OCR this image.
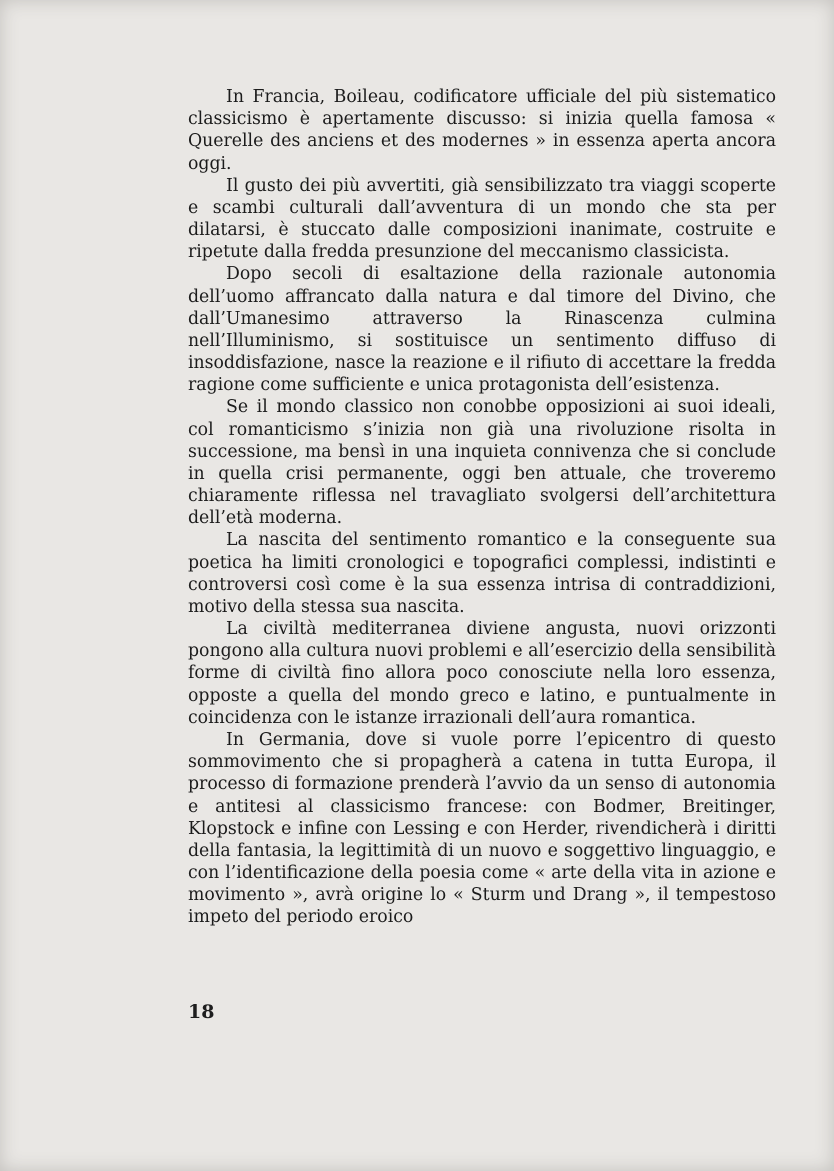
In Francia, Boileau, codificatore ufficiale del più sistematico classicismo è apertamente discusso: si inizia quella famosa « Querelle des anciens et des modernes » in essenza aperta ancora oggi.

Il gusto dei più avvertiti, già sensibilizzato tra viaggi scoperte e scambi culturali dall’avventura di un mondo che sta per dilatarsi, è stuccato dalle composizioni inanimate, costruite e ripetute dalla fredda presunzione del meccanismo classicista.

Dopo secoli di esaltazione della razionale autonomia dell’uomo affrancato dalla natura e dal timore del Divino, che dall’Umanesimo attraverso la Rinascenza culmina nell’Illuminismo, si sostituisce un sentimento diffuso di insoddisfazione, nasce la reazione e il rifiuto di accettare la fredda ragione come sufficiente e unica protagonista dell’esistenza.

Se il mondo classico non conobbe opposizioni ai suoi ideali, col romanticismo s’inizia non già una rivoluzione risolta in successione, ma bensì in una inquieta connivenza che si conclude in quella crisi permanente, oggi ben attuale, che troveremo chiaramente riflessa nel travagliato svolgersi dell’architettura dell’età moderna.

La nascita del sentimento romantico e la conseguente sua poetica ha limiti cronologici e topografici complessi, indistinti e controversi così come è la sua essenza intrisa di contraddizioni, motivo della stessa sua nascita.

La civiltà mediterranea diviene angusta, nuovi orizzonti pongono alla cultura nuovi problemi e all’esercizio della sensibilità forme di civiltà fino allora poco conosciute nella loro essenza, opposte a quella del mondo greco e latino, e puntualmente in coincidenza con le istanze irrazionali dell’aura romantica.

In Germania, dove si vuole porre l’epicentro di questo sommovimento che si propagherà a catena in tutta Europa, il processo di formazione prenderà l’avvio da un senso di autonomia e antitesi al classicismo francese: con Bodmer, Breitinger, Klopstock e infine con Lessing e con Herder, rivendicherà i diritti della fantasia, la legittimità di un nuovo e soggettivo linguaggio, e con l’identificazione della poesia come « arte della vita in azione e movimento », avrà origine lo « Sturm und Drang », il tempestoso impeto del periodo eroico

18
